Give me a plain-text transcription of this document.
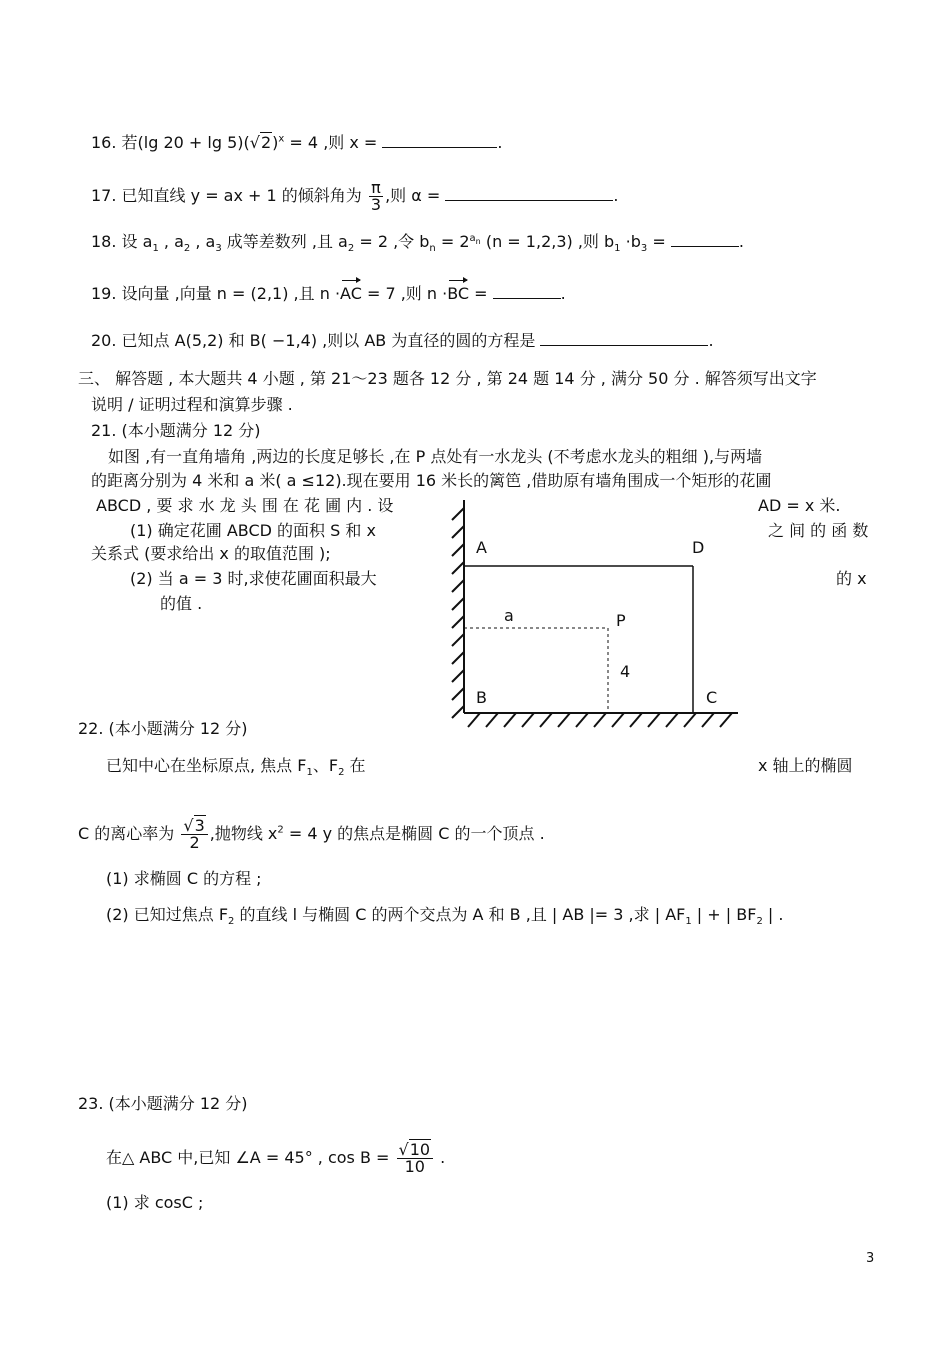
16. 若(lg $20 + \lg 5)(√2)^x = 4$ ,则 x =	.
17. 已知直线 y = ax + 1 的倾斜角为 $\frac{\pi}{3}$ ,则 α =	.
18. 设 $a_1$ , $a_2$ , $a_3$ 成等差数列 ,且 $a_2 = 2$ ,令 $b_n = 2^{a_n}$ (n = 1,2,3) ,则 $b_1 \cdot b_3$ =	.
19. 设向量 ,向量 n = (2,1) ,且 n ·AC = 7 ,则 n ·BC =	.
20. 已知点 A(5,2) 和 B( −1,4) ,则以 AB 为直径的圆的方程是	.
三、 解答题 , 本大题共 4 小题 , 第 21～23 题各 12 分 , 第 24 题 14 分 , 满分 50 分 . 解答须写出文字
说明 / 证明过程和演算步骤 .
21. (本小题满分 12 分)
如图 ,有一直角墙角 ,两边的长度足够长 ,在 P 点处有一水龙头 (不考虑水龙头的粗细 ),与两墙
的距离分别为 4 米和 a 米( a ≤12).现在要用 16 米长的篱笆 ,借助原有墙角围成一个矩形的花圃
ABCD , 要 求 水 龙 头 围 在 花 圃 内 . 设	AD = x 米.
(1) 确定花圃 ABCD 的面积 S 和 x	之 间 的 函 数
关系式 (要求给出 x 的取值范围 );
(2) 当 a = 3 时,求使花圃面积最大	的 x
的值 .
A	D
a	P
4
B	C
22. (本小题满分 12 分)
已知中心在坐标原点, 焦点 $F_1$、$F_2$ 在	x 轴上的椭圆
C 的离心率为 $\frac{√3}{2}$ ,抛物线 $x^2 = 4$ y 的焦点是椭圆 C 的一个顶点 .
(1) 求椭圆 C 的方程 ;
(2) 已知过焦点 $F_2$ 的直线 l 与椭圆 C 的两个交点为 A 和 B ,且 | AB |= 3 ,求 | $AF_1$ | + | $BF_2$ | .
23. (本小题满分 12 分)
在△ ABC 中,已知 ∠A = 45° , $\cos B = \frac{√10}{10}$ .
(1) 求 cosC ;
3
